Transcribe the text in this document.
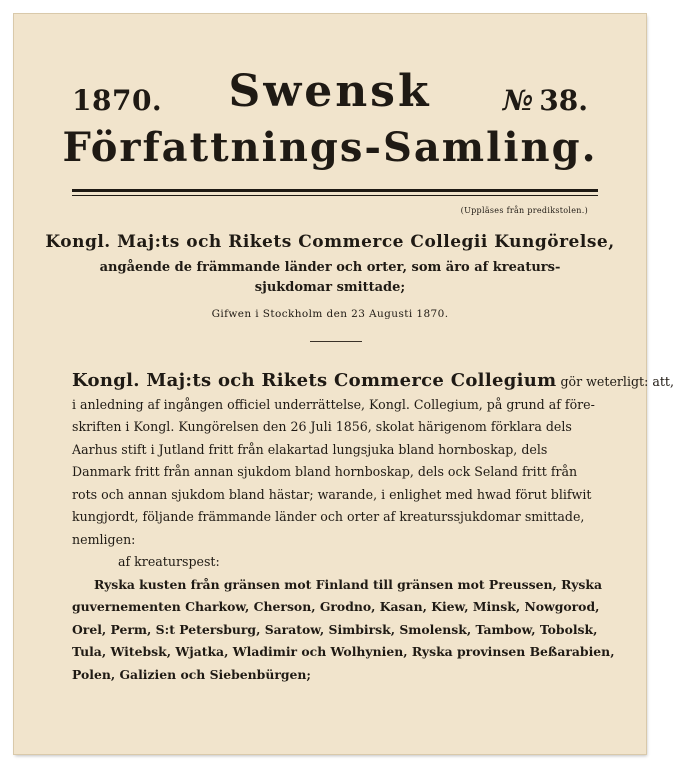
1870.	Swensk	№ 38.
Författnings-Samling.
(Uppläses från predikstolen.)
Kongl. Maj:ts och Rikets Commerce Collegii Kungörelse,
angående de främmande länder och orter, som äro af kreaturs-
sjukdomar smittade;
Gifwen i Stockholm den 23 Augusti 1870.
Kongl. Maj:ts och Rikets Commerce Collegium gör weterligt: att,
i anledning af ingången officiel underrättelse, Kongl. Collegium, på grund af före-
skriften i Kongl. Kungörelsen den 26 Juli 1856, skolat härigenom förklara dels
Aarhus stift i Jutland fritt från elakartad lungsjuka bland hornboskap, dels
Danmark fritt från annan sjukdom bland hornboskap, dels ock Seland fritt från
rots och annan sjukdom bland hästar; warande, i enlighet med hwad förut blifwit
kungjordt, följande främmande länder och orter af kreaturssjukdomar smittade,
nemligen:
af kreaturspest:
Ryska kusten från gränsen mot Finland till gränsen mot Preussen, Ryska
guvernementen Charkow, Cherson, Grodno, Kasan, Kiew, Minsk, Nowgorod,
Orel, Perm, S:t Petersburg, Saratow, Simbirsk, Smolensk, Tambow, Tobolsk,
Tula, Witebsk, Wjatka, Wladimir och Wolhynien, Ryska provinsen Beßarabien,
Polen, Galizien och Siebenbürgen;
